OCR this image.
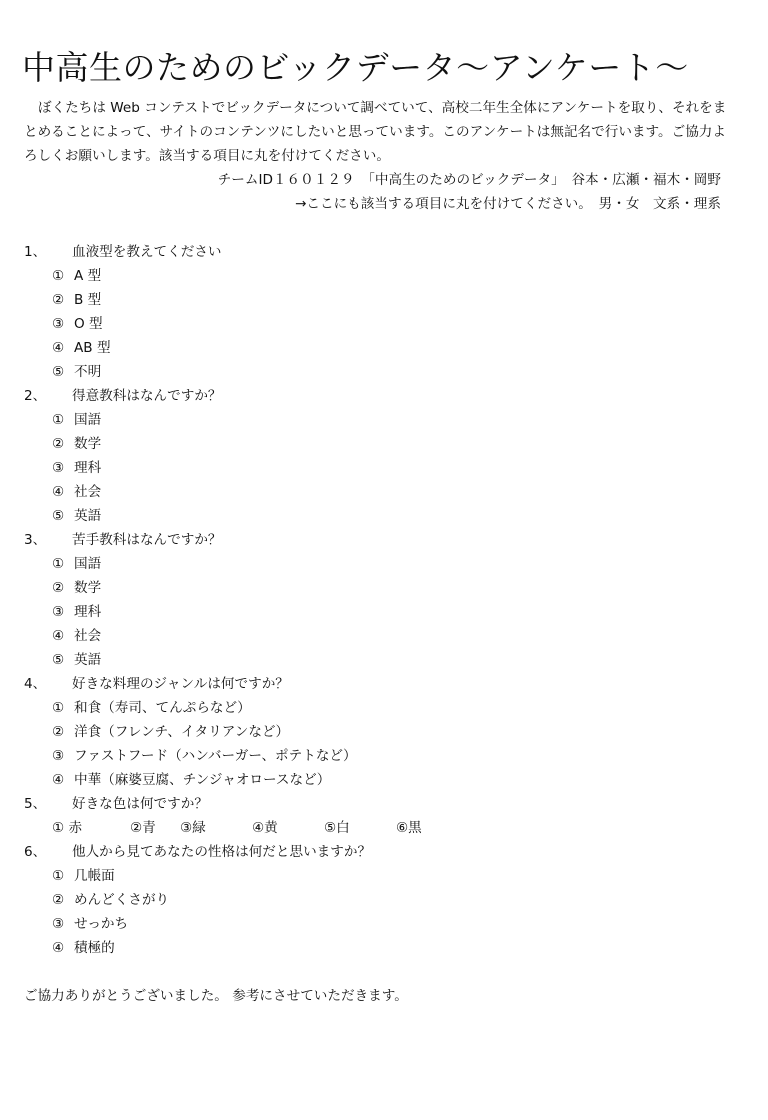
中高生のためのビックデータ～アンケート～

ぼくたちは Web コンテストでビックデータについて調べていて、高校二年生全体にアンケートを取り、それをまとめることによって、サイトのコンテンツにしたいと思っています。このアンケートは無記名で行います。ご協力よろしくお願いします。該当する項目に丸を付けてください。

チームID１６０１２９　「中高生のためのビックデータ」　谷本・広瀬・福木・岡野
→ここにも該当する項目に丸を付けてください。　男・女　文系・理系
1、 血液型を教えてください
① A 型
② B 型
③ O 型
④ AB 型
⑤ 不明
2、 得意教科はなんですか？
① 国語
② 数学
③ 理科
④ 社会
⑤ 英語
3、 苦手教科はなんですか？
① 国語
② 数学
③ 理科
④ 社会
⑤ 英語
4、 好きな料理のジャンルは何ですか？
① 和食（寿司、てんぷらなど）
② 洋食（フレンチ、イタリアンなど）
③ ファストフード（ハンバーガー、ポテトなど）
④ 中華（麻婆豆腐、チンジャオロースなど）
5、 好きな色は何ですか？
① 赤	②青 ③緑	④黄	⑤白	⑥黒
6、 他人から見てあなたの性格は何だと思いますか？
① 几帳面
② めんどくさがり
③ せっかち
④ 積極的
ご協力ありがとうございました。 参考にさせていただきます。
